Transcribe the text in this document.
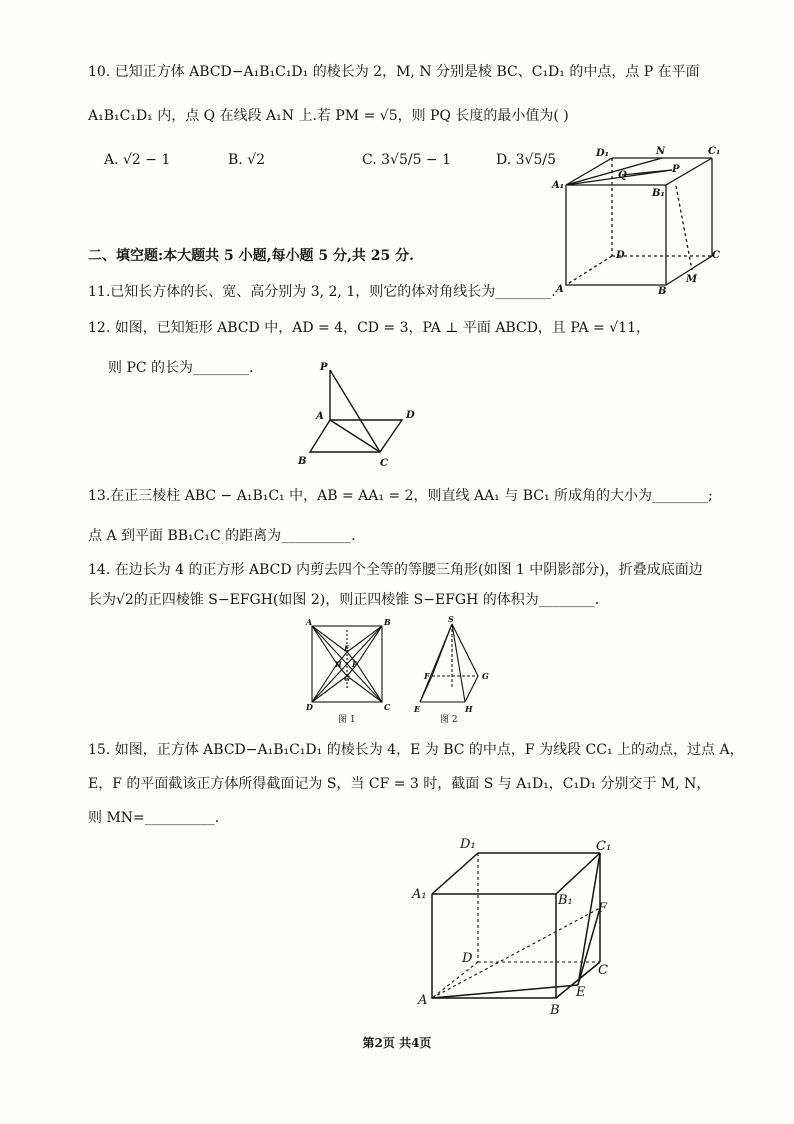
10. 已知正方体 ABCD−A₁B₁C₁D₁ 的棱长为 2，M, N 分别是棱 BC、C₁D₁ 的中点，点 P 在平面
A₁B₁C₁D₁ 内，点 Q 在线段 A₁N 上.若 PM = √5，则 PQ 长度的最小值为( )
A. √2 − 1	B. √2	C. 3√5/5 − 1	D. 3√5/5	D₁	N	C₁
A₁
Q
P
B₁
D	C
A	B
M
二、填空题:本大题共 5 小题,每小题 5 分,共 25 分.
11.已知长方体的长、宽、高分别为 3, 2, 1，则它的体对角线长为________.
12. 如图，已知矩形 ABCD 中，AD = 4，CD = 3，PA ⊥ 平面 ABCD，且 PA = √11，
则 PC 的长为________.	P
A	D
B	C
13.在正三棱柱 ABC − A₁B₁C₁ 中，AB = AA₁ = 2，则直线 AA₁ 与 BC₁ 所成角的大小为________;
点 A 到平面 BB₁C₁C 的距离为__________.
14. 在边长为 4 的正方形 ABCD 内剪去四个全等的等腰三角形(如图 1 中阴影部分)，折叠成底面边
长为√2的正四棱锥 S−EFGH(如图 2)，则正四棱锥 S−EFGH 的体积为________.
A	B
D	C
E
H F
G
图 1
S
F	G
E	H
图 2
15. 如图，正方体 ABCD−A₁B₁C₁D₁ 的棱长为 4，E 为 BC 的中点，F 为线段 CC₁ 上的动点，过点 A，
E，F 的平面截该正方体所得截面记为 S，当 CF = 3 时，截面 S 与 A₁D₁，C₁D₁ 分别交于 M, N，
则 MN=__________.
D₁	C₁
A₁	B₁
F
D
C
E
A
B
第2页 共4页
